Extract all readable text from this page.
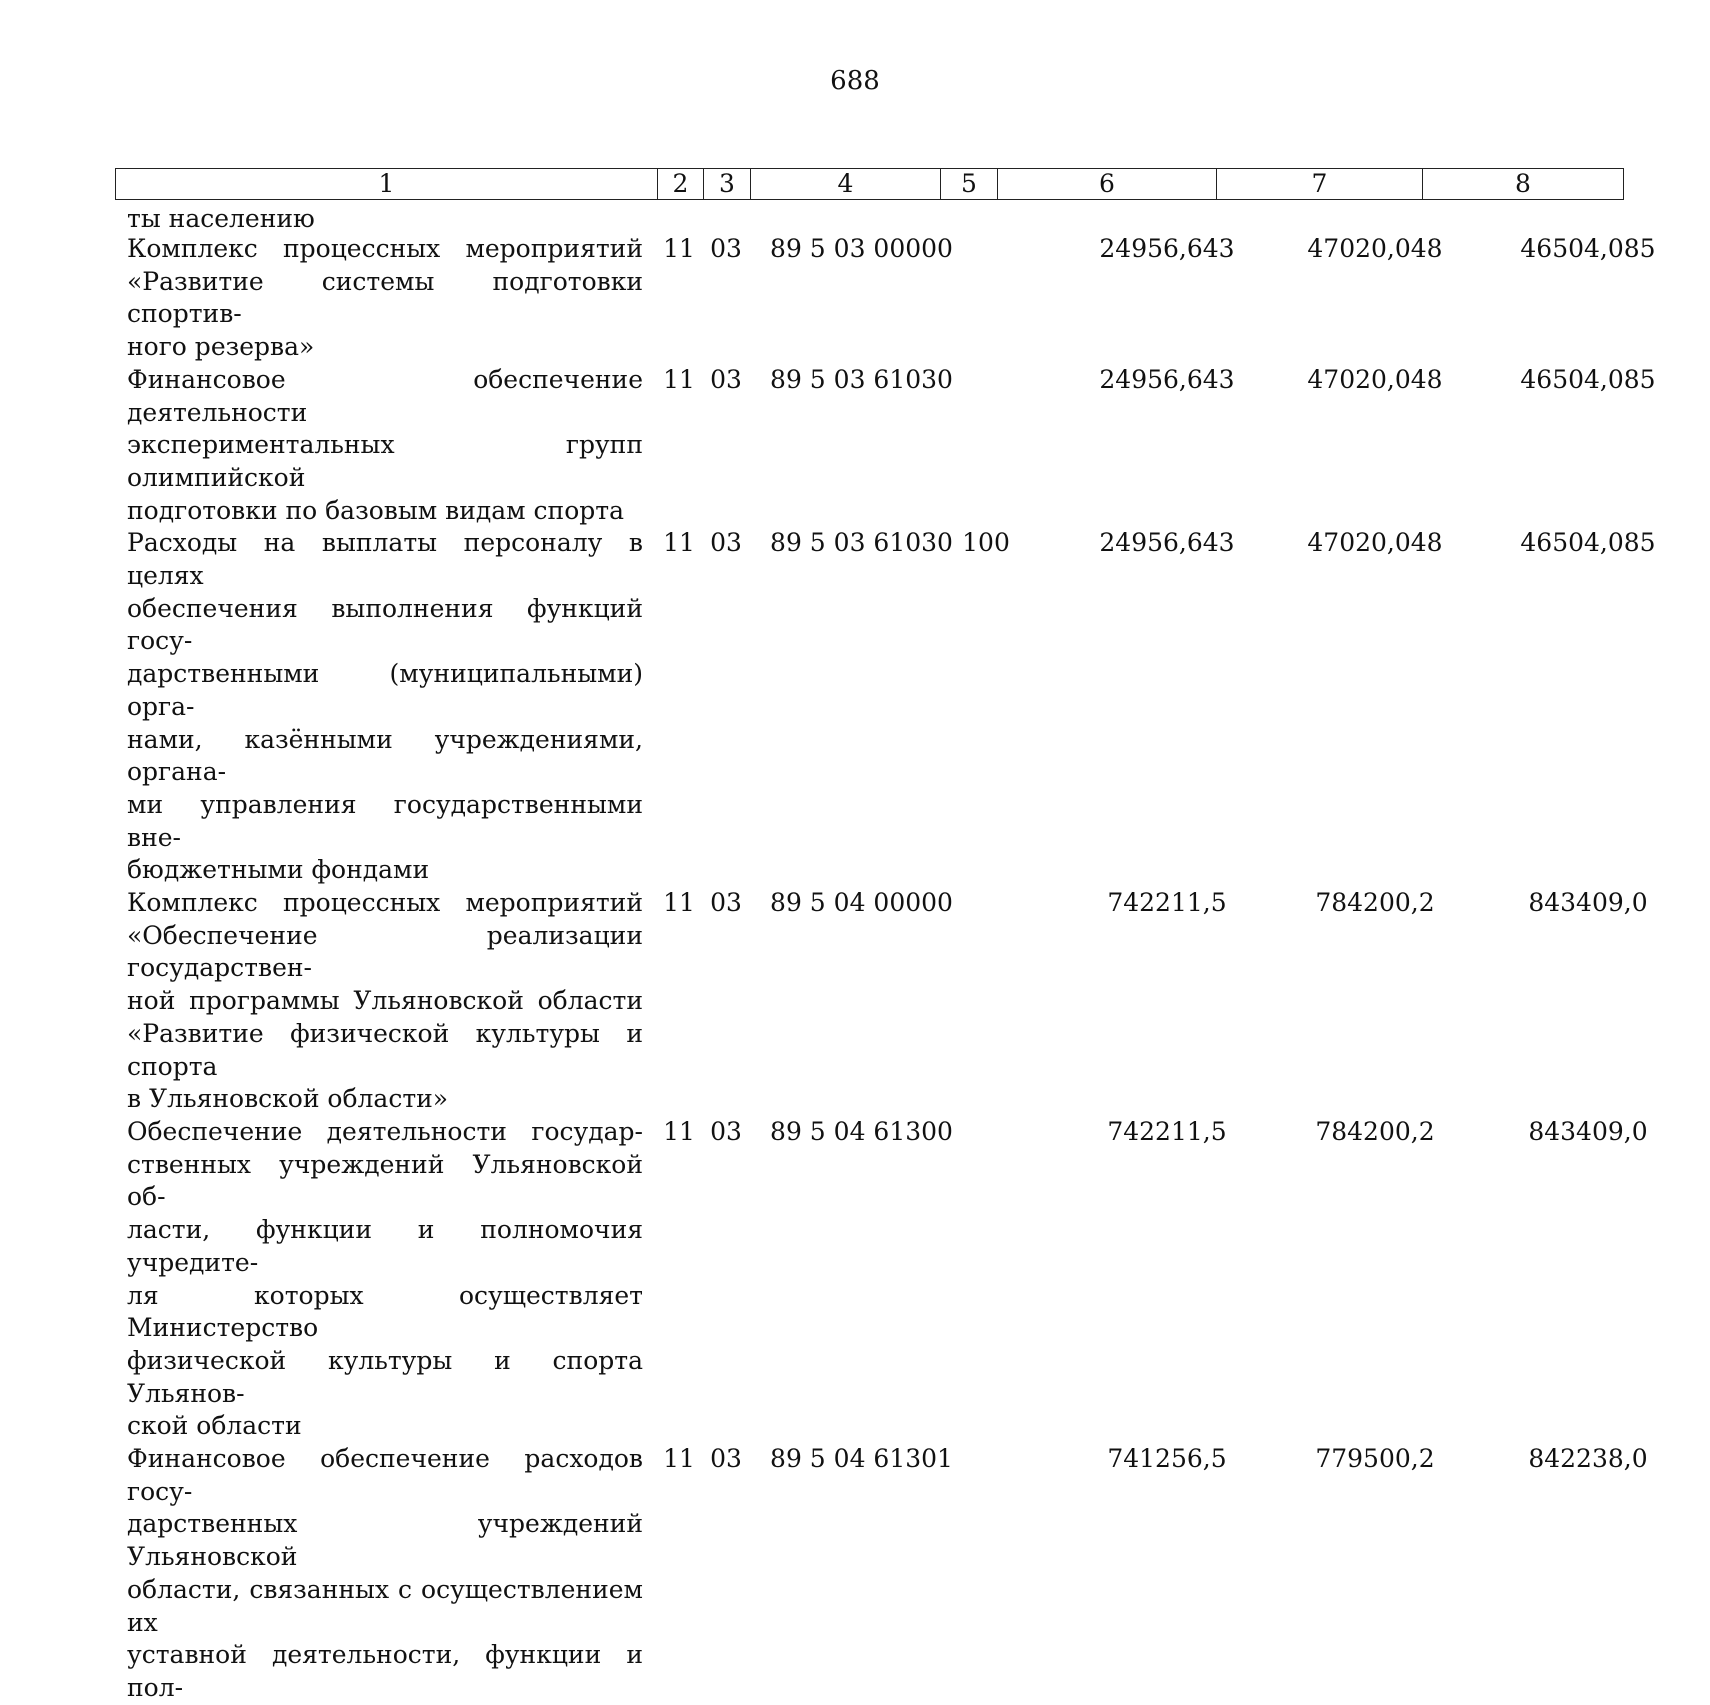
688
1	2	3	4	5	6	7	8
ты населению
Комплекс процессных мероприятий
«Развитие системы подготовки спортив-
ного резерва»
11 03	89 5 03 00000	24956,643	47020,048	46504,085
Финансовое обеспечение деятельности
экспериментальных групп олимпийской
подготовки по базовым видам спорта
11 03	89 5 03 61030	24956,643	47020,048	46504,085
Расходы на выплаты персоналу в целях
обеспечения выполнения функций госу-
дарственными (муниципальными) орга-
нами, казёнными учреждениями, органа-
ми управления государственными вне-
бюджетными фондами
11 03	89 5 03 61030 100	24956,643	47020,048	46504,085
Комплекс процессных мероприятий
«Обеспечение реализации государствен-
ной программы Ульяновской области
«Развитие физической культуры и спорта
в Ульяновской области»
11 03	89 5 04 00000	742211,5	784200,2	843409,0
Обеспечение деятельности государ-
ственных учреждений Ульяновской об-
ласти, функции и полномочия учредите-
ля которых осуществляет Министерство
физической культуры и спорта Ульянов-
ской области
11 03	89 5 04 61300	742211,5	784200,2	843409,0
Финансовое обеспечение расходов госу-
дарственных учреждений Ульяновской
области, связанных с осуществлением их
уставной деятельности, функции и пол-
11 03	89 5 04 61301	741256,5	779500,2	842238,0
